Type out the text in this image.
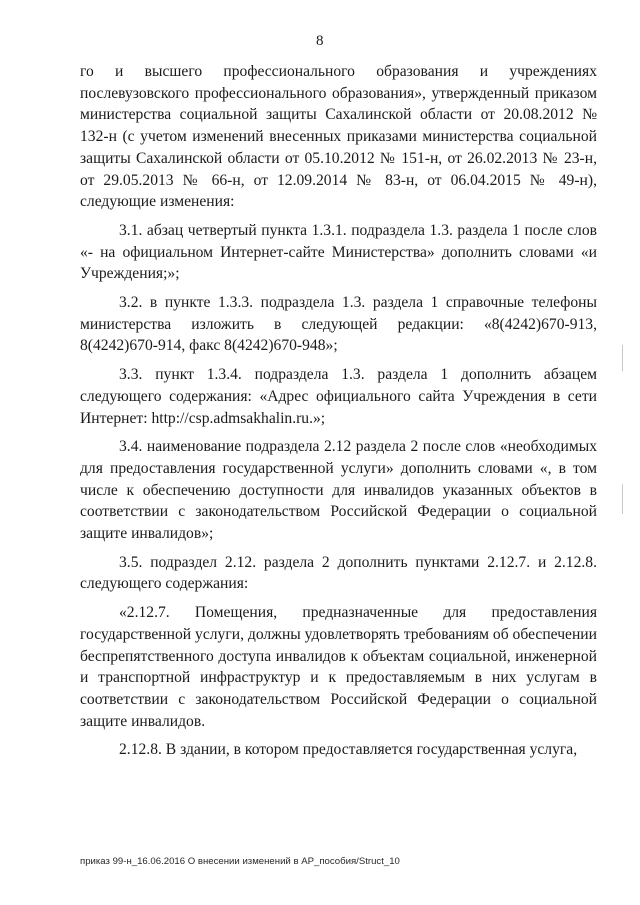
8

го и высшего профессионального образования и учреждениях послевузовского профессионального образования», утвержденный приказом министерства социальной защиты Сахалинской области от 20.08.2012 № 132-н (с учетом изменений внесенных приказами министерства социальной защиты Сахалинской области от 05.10.2012 № 151-н, от 26.02.2013 № 23-н, от 29.05.2013 № 66-н, от 12.09.2014 № 83-н, от 06.04.2015 № 49-н), следующие изменения:

3.1. абзац четвертый пункта 1.3.1. подраздела 1.3. раздела 1 после слов «- на официальном Интернет-сайте Министерства» дополнить словами «и Учреждения;»;

3.2. в пункте 1.3.3. подраздела 1.3. раздела 1 справочные телефоны министерства изложить в следующей редакции: «8(4242)670-913, 8(4242)670-914, факс 8(4242)670-948»;

3.3. пункт 1.3.4. подраздела 1.3. раздела 1 дополнить абзацем следующего содержания: «Адрес официального сайта Учреждения в сети Интернет: http://csp.admsakhalin.ru.»;

3.4. наименование подраздела 2.12 раздела 2 после слов «необходимых для предоставления государственной услуги» дополнить словами «, в том числе к обеспечению доступности для инвалидов указанных объектов в соответствии с законодательством Российской Федерации о социальной защите инвалидов»;

3.5. подраздел 2.12. раздела 2 дополнить пунктами 2.12.7. и 2.12.8. следующего содержания:

«2.12.7. Помещения, предназначенные для предоставления государственной услуги, должны удовлетворять требованиям об обеспечении беспрепятственного доступа инвалидов к объектам социальной, инженерной и транспортной инфраструктур и к предоставляемым в них услугам в соответствии с законодательством Российской Федерации о социальной защите инвалидов.

2.12.8. В здании, в котором предоставляется государственная услуга,

приказ 99-н_16.06.2016 О внесении изменений в АР_пособия/Struct_10
